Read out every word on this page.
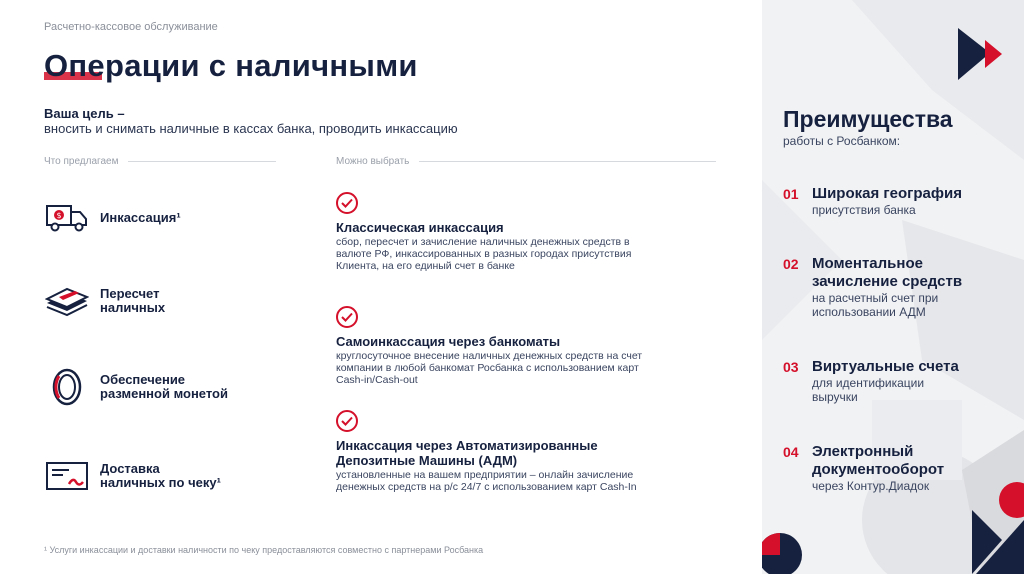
Расчетно-кассовое обслуживание
Операции с наличными
Ваша цель –
вносить и снимать наличные в кассах банка, проводить инкассацию
Что предлагаем	Можно выбрать
$	Инкассация¹
Пересчет
наличных
Обеспечение
разменной монетой
Доставка
наличных по чеку¹
Классическая инкассация
сбор, пересчет и зачисление наличных денежных средств в
валюте РФ, инкассированных в разных городах присутствия
Клиента, на его единый счет в банке
Самоинкассация через банкоматы
круглосуточное внесение наличных денежных средств на счет
компании в любой банкомат Росбанка с использованием карт
Cash-in/Cash-out
Инкассация через Автоматизированные
Депозитные Машины (АДМ)
установленные на вашем предприятии – онлайн зачисление
денежных средств на р/с 24/7 с использованием карт Cash-In
¹ Услуги инкассации и доставки наличности по чеку предоставляются совместно с партнерами Росбанка
Преимущества
работы с Росбанком:
01 Широкая география
присутствия банка
02 Моментальное
зачисление средств
на расчетный счет при
использовании АДМ
03 Виртуальные счета
для идентификации
выручки
04 Электронный
документооборот
через Контур.Диадок
